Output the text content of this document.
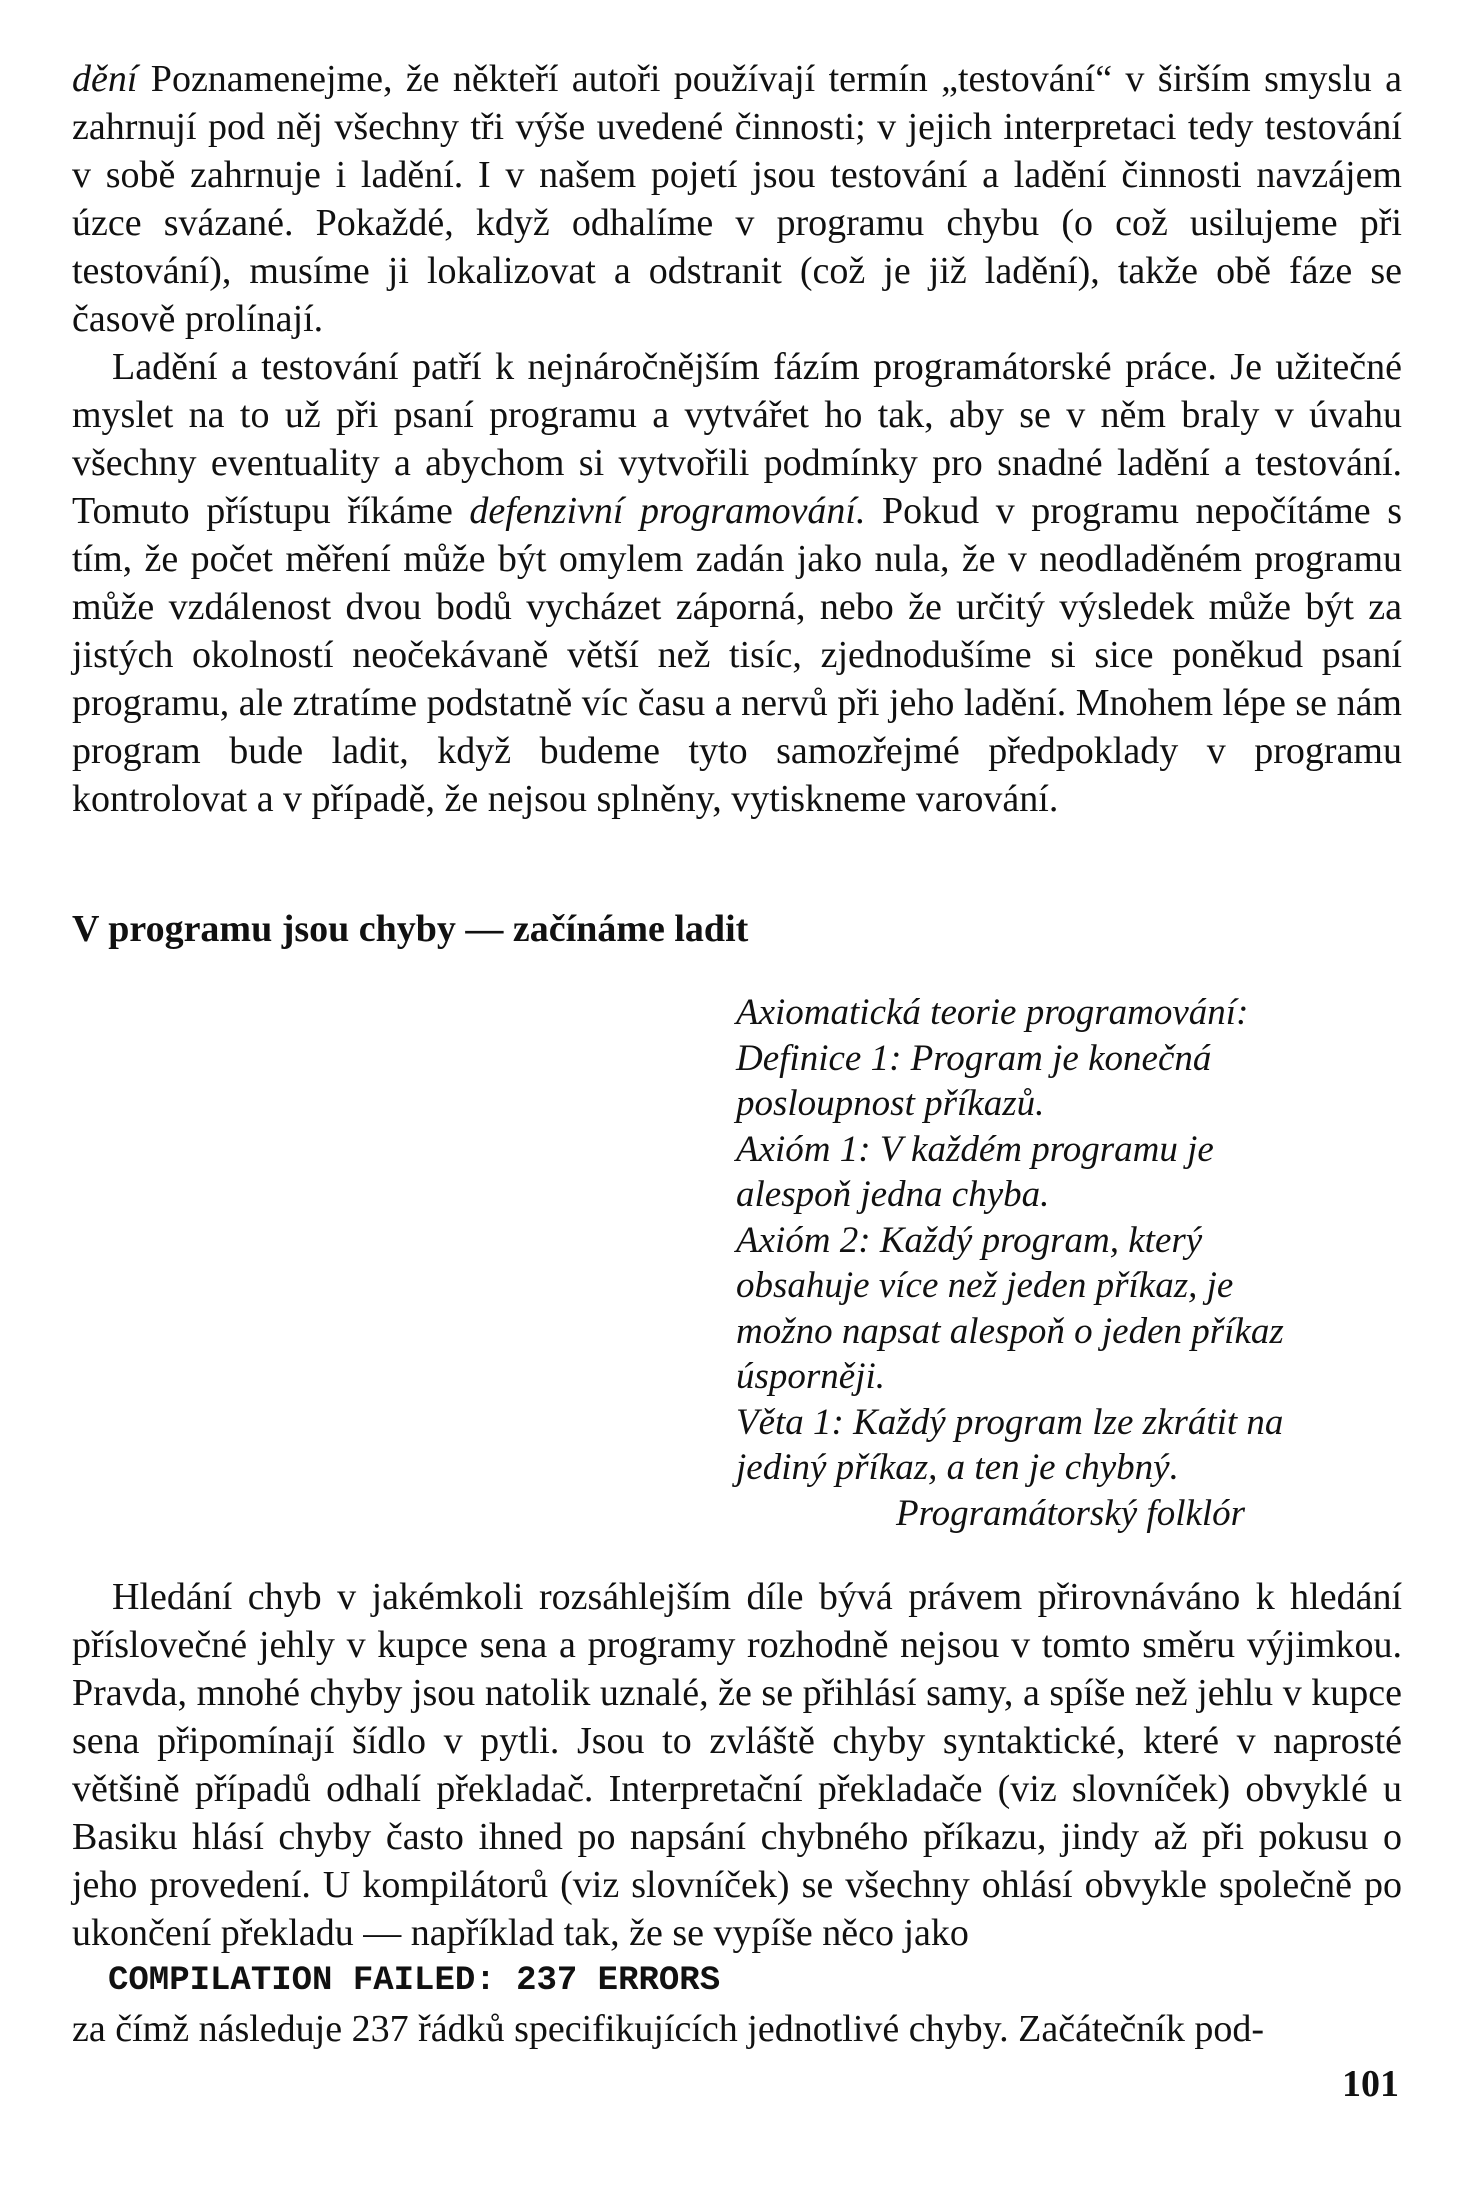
dění Poznamenejme, že někteří autoři používají termín „testování“ v širším smyslu a zahrnují pod něj všechny tři výše uvedené činnosti; v jejich interpretaci tedy testování v sobě zahrnuje i ladění. I v našem pojetí jsou testování a ladění činnosti navzájem úzce svázané. Pokaždé, když odhalíme v programu chybu (o což usilujeme při testování), musíme ji lokalizovat a odstranit (což je již ladění), takže obě fáze se časově prolínají.

Ladění a testování patří k nejnáročnějším fázím programátorské práce. Je užitečné myslet na to už při psaní programu a vytvářet ho tak, aby se v něm braly v úvahu všechny eventuality a abychom si vytvořili podmínky pro snadné ladění a testování. Tomuto přístupu říkáme defenzivní programování. Pokud v programu nepočítáme s tím, že počet měření může být omylem zadán jako nula, že v neodladěném programu může vzdálenost dvou bodů vycházet záporná, nebo že určitý výsledek může být za jistých okolností neočekávaně větší než tisíc, zjednodušíme si sice poněkud psaní programu, ale ztratíme podstatně víc času a nervů při jeho ladění. Mnohem lépe se nám program bude ladit, když budeme tyto samozřejmé předpoklady v programu kontrolovat a v případě, že nejsou splněny, vytiskneme varování.

V programu jsou chyby — začínáme ladit
Axiomatická teorie programování:
Definice 1: Program je konečná
posloupnost příkazů.
Axióm 1: V každém programu je
alespoň jedna chyba.
Axióm 2: Každý program, který
obsahuje více než jeden příkaz, je
možno napsat alespoň o jeden příkaz
úsporněji.
Věta 1: Každý program lze zkrátit na
jediný příkaz, a ten je chybný.
Programátorský folklór

Hledání chyb v jakémkoli rozsáhlejším díle bývá právem přirovnáváno k hledání příslovečné jehly v kupce sena a programy rozhodně nejsou v tomto směru výjimkou. Pravda, mnohé chyby jsou natolik uznalé, že se přihlásí samy, a spíše než jehlu v kupce sena připomínají šídlo v pytli. Jsou to zvláště chyby syntaktické, které v naprosté většině případů odhalí překladač. Interpretační překladače (viz slovníček) obvyklé u Basiku hlásí chyby často ihned po napsání chybného příkazu, jindy až při pokusu o jeho provedení. U kompilátorů (viz slovníček) se všechny ohlásí obvykle společně po ukončení překladu — například tak, že se vypíše něco jako

COMPILATION FAILED: 237 ERRORS

za čímž následuje 237 řádků specifikujících jednotlivé chyby. Začátečník pod-

101
